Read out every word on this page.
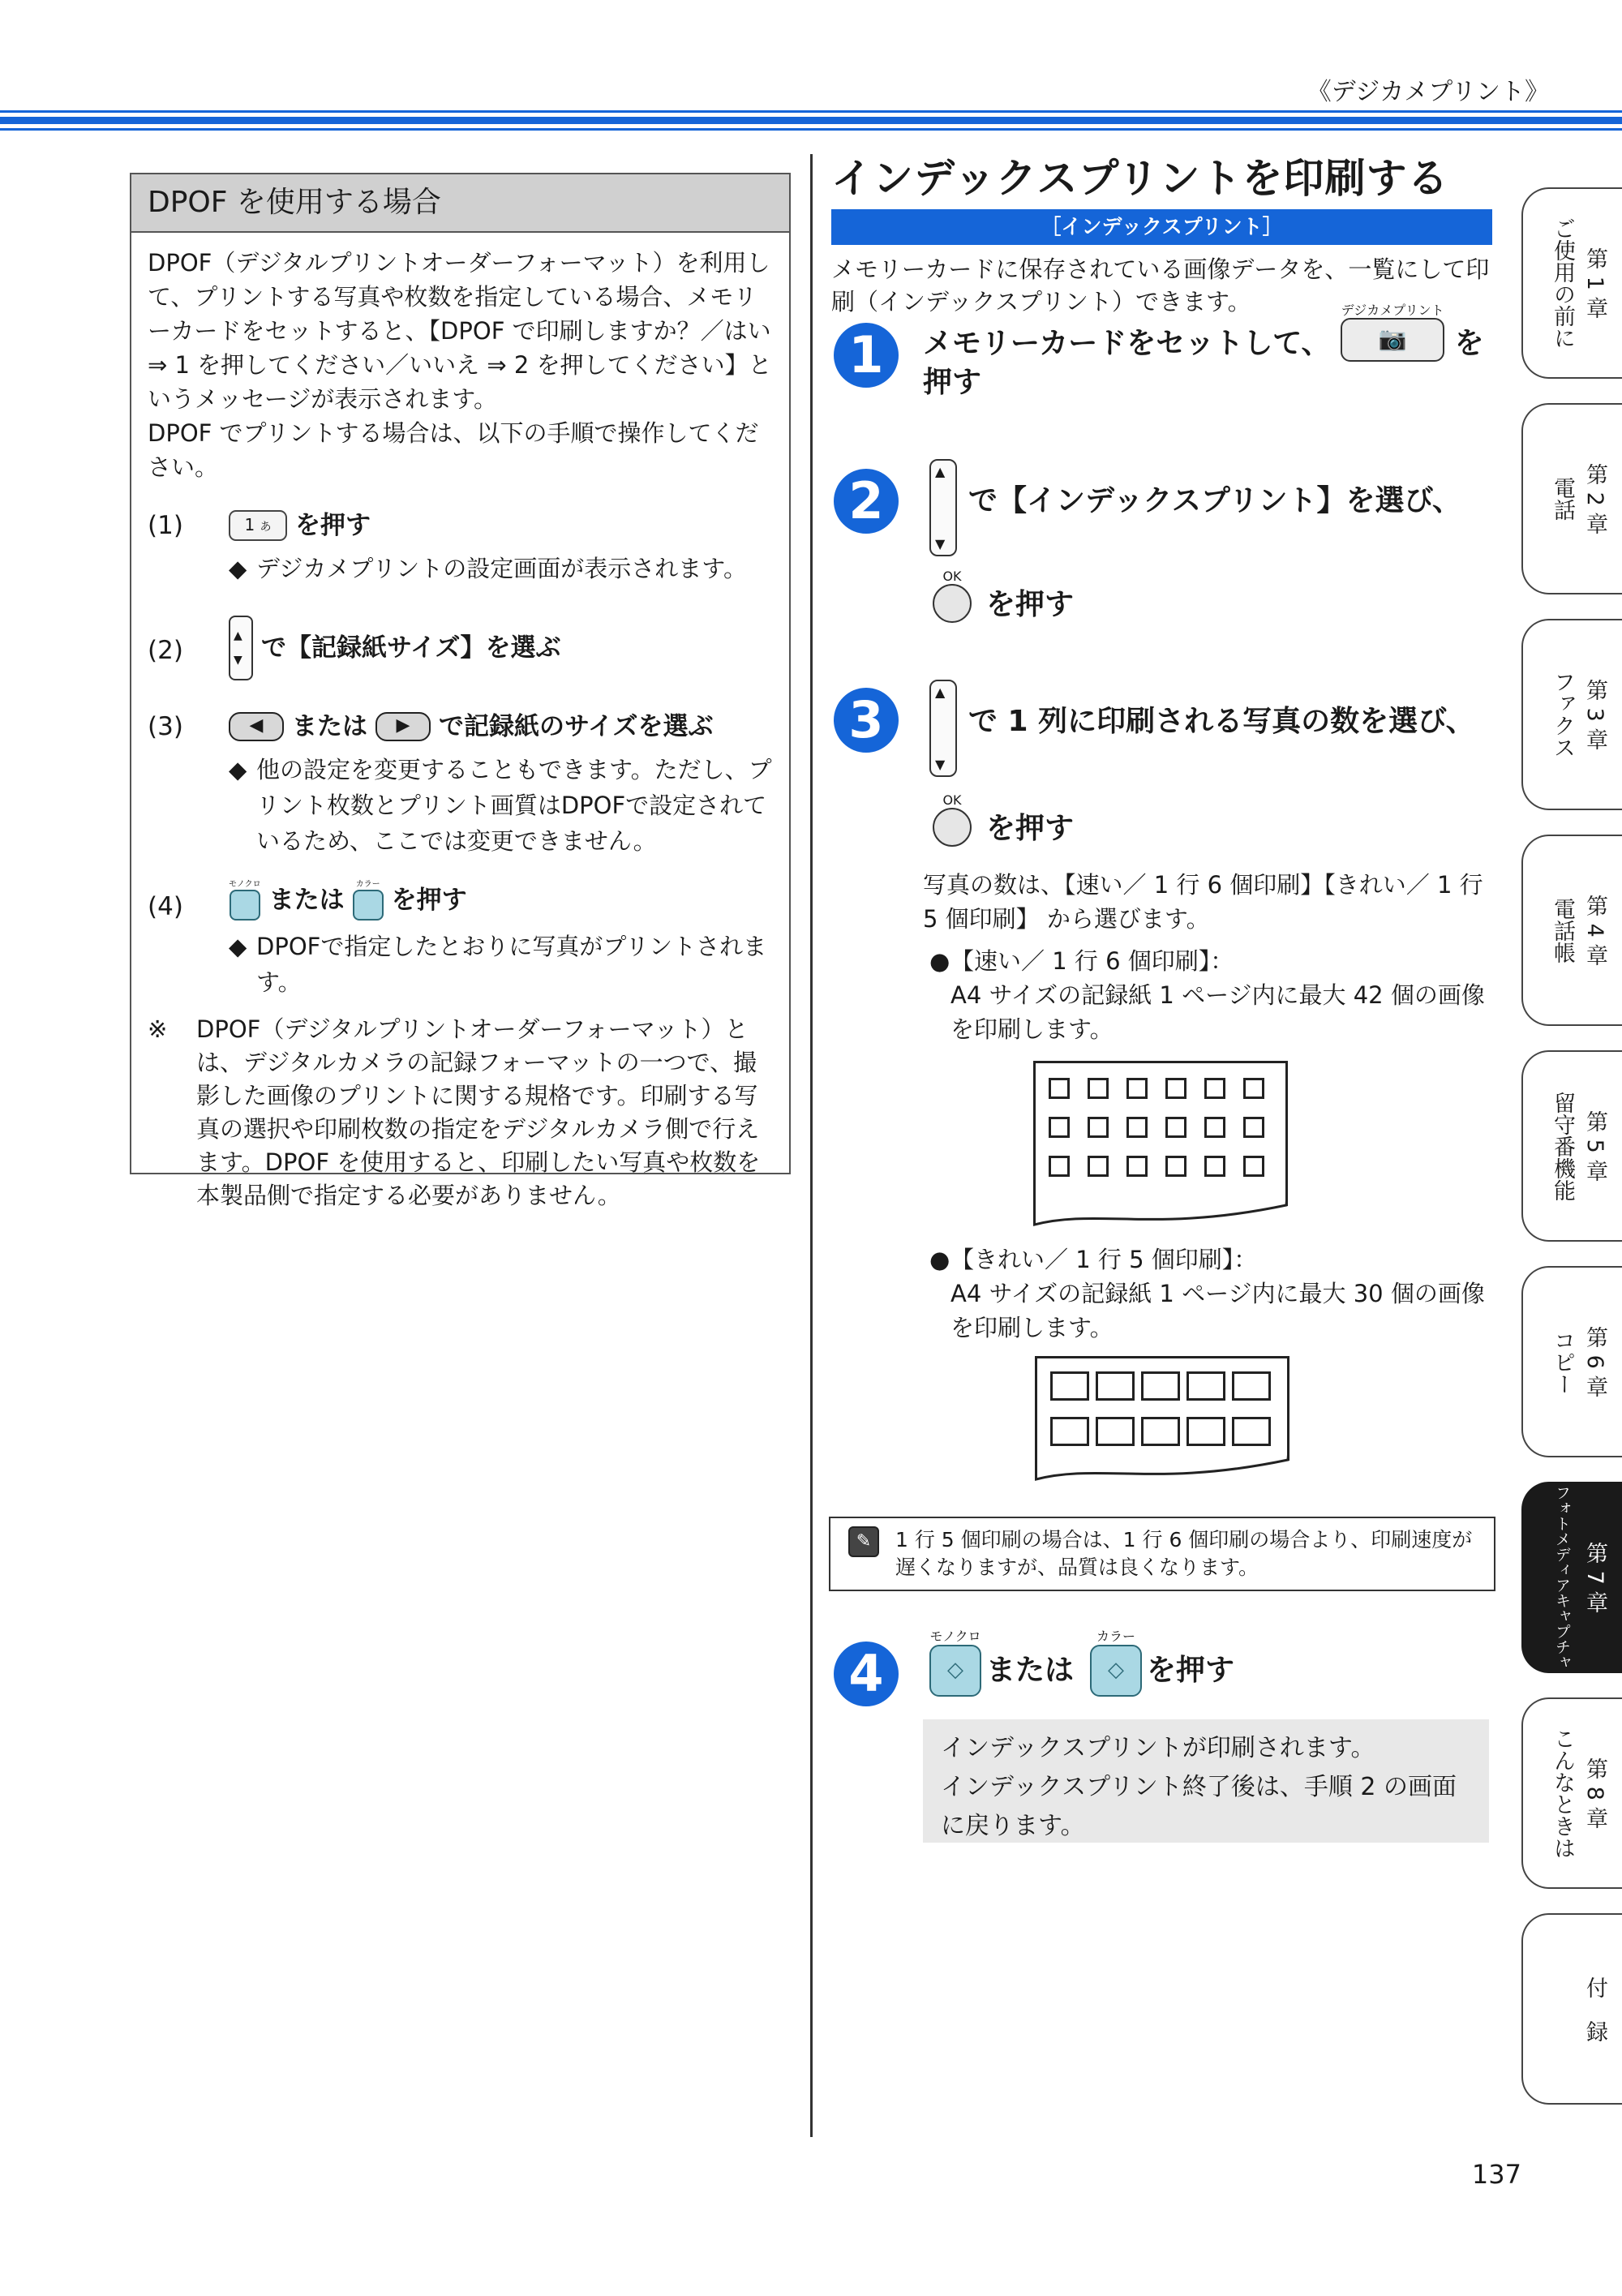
《デジカメプリント》
DPOF を使用する場合

DPOF（デジタルプリントオーダーフォーマット）を利用して、プリントする写真や枚数を指定している場合、メモリーカードをセットすると、【DPOF で印刷しますか？／はい ⇒ 1 を押してください／いいえ ⇒ 2 を押してください】というメッセージが表示されます。

DPOF でプリントする場合は、以下の手順で操作してください。

(1)	1 あ を押す
◆ デジカメプリントの設定画面が表示されます。
(2) ▲ ▼	で【記録紙サイズ】を選ぶ
(3)	◀	または	▶	で記録紙のサイズを選ぶ
◆ 他の設定を変更することもできます。ただし、プリント枚数とプリント画質はDPOFで設定されているため、ここでは変更できません。
(4)
モノクロ
または
カラー
を押す
◆ DPOFで指定したとおりに写真がプリントされます。
※	DPOF（デジタルプリントオーダーフォーマット）とは、デジタルカメラの記録フォーマットの一つで、撮影した画像のプリントに関する規格です。印刷する写真の選択や印刷枚数の指定をデジタルカメラ側で行えます。DPOF を使用すると、印刷したい写真や枚数を本製品側で指定する必要がありません。
インデックスプリントを印刷する
［インデックスプリント］
メモリーカードに保存されている画像データを、一覧にして印刷（インデックスプリント）できます。
1	メモリーカードをセットして、
デジカメプリント
📷	を押す
2 ▲ ▼	で【インデックスプリント】を選び、
OK
を押す
3 ▲ ▼	で 1 列に印刷される写真の数を選び、
OK
を押す
写真の数は、【速い／ 1 行 6 個印刷】【きれい／ 1 行 5 個印刷】 から選びます。
● 【速い／ 1 行 6 個印刷】：
A4 サイズの記録紙 1 ページ内に最大 42 個の画像を印刷します。
● 【きれい／ 1 行 5 個印刷】：
A4 サイズの記録紙 1 ページ内に最大 30 個の画像を印刷します。
✎	1 行 5 個印刷の場合は、1 行 6 個印刷の場合より、印刷速度が遅くなりますが、品質は良くなります。
4
モノクロ
◇ または
カラー
◇ を押す
インデックスプリントが印刷されます。
インデックスプリント終了後は、手順 2 の画面に戻ります。
第 1 章
ご使用の前に
第 2 章
電話
第 3 章
ファクス
第 4 章
電話帳
第 5 章
留守番機能
第 6 章
コピー
第 7 章
フォトメディアキャプチャ
第 8 章
こんなときは
付　録
137
